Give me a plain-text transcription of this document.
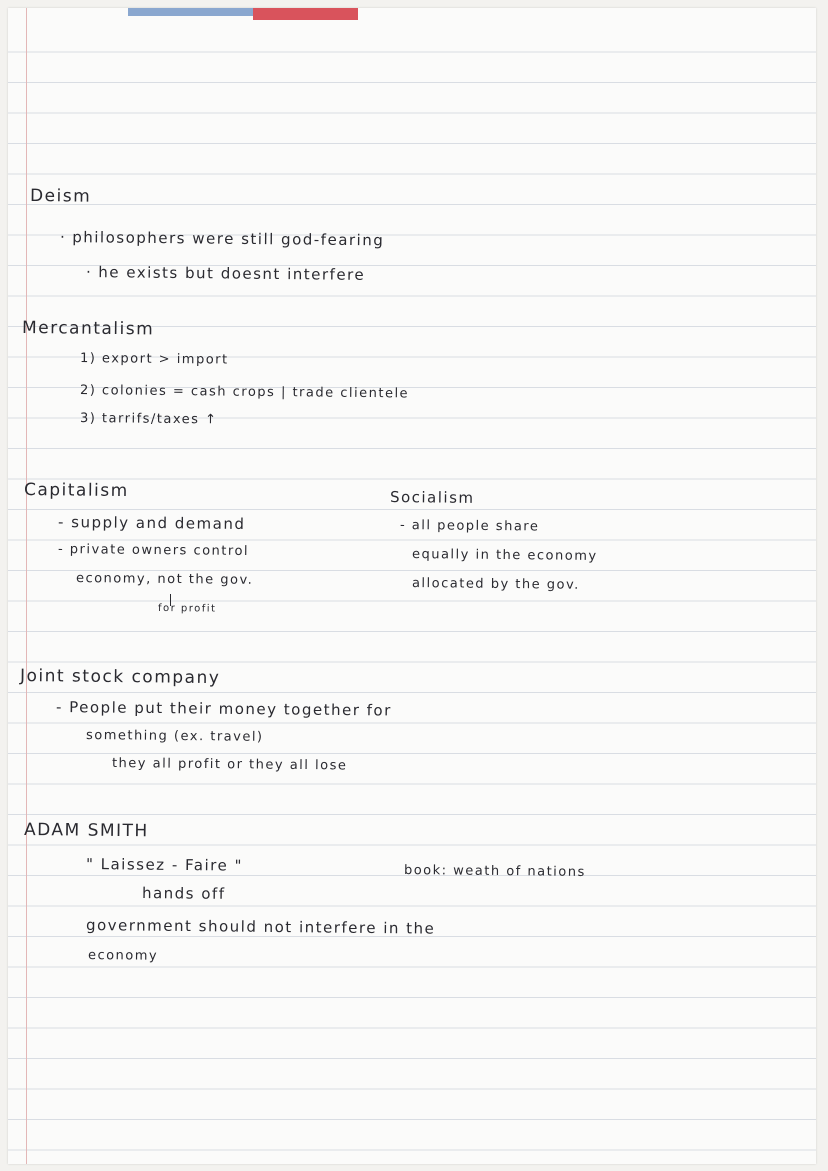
Deism
· philosophers were still god-fearing
· he exists but doesnt interfere
Mercantalism
1) export > import
2) colonies = cash crops | trade clientele
3) tarrifs/taxes ↑
Capitalism
- supply and demand
- private owners control
economy, not the gov.
for profit
Socialism
- all people share
equally in the economy
allocated by the gov.
Joint stock company
- People put their money together for
something (ex. travel)
they all profit or they all lose
ADAM SMITH
" Laissez - Faire "
hands off
book: weath of nations
government should not interfere in the
economy
